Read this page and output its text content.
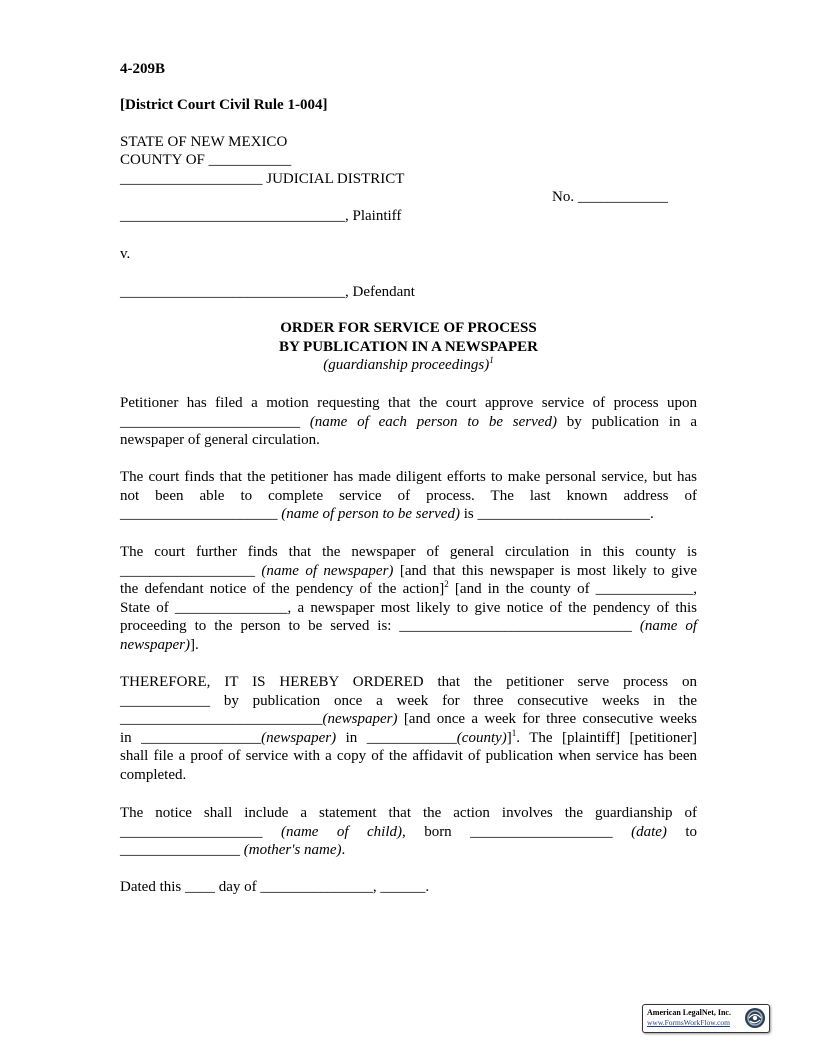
4-209B
[District Court Civil Rule 1-004]
STATE OF NEW MEXICO
COUNTY OF ___________
___________________ JUDICIAL DISTRICT
No. ____________
______________________________, Plaintiff
v.
______________________________, Defendant
ORDER FOR SERVICE OF PROCESS
BY PUBLICATION IN A NEWSPAPER
(guardianship proceedings)$^1$
Petitioner has filed a motion requesting that the court approve service of process upon
________________________ (name of each person to be served) by publication in a
newspaper of general circulation.
The court finds that the petitioner has made diligent efforts to make personal service, but has
not been able to complete service of process. The last known address of
_____________________ (name of person to be served) is _______________________.
The court further finds that the newspaper of general circulation in this county is
__________________ (name of newspaper) [and that this newspaper is most likely to give
the defendant notice of the pendency of the action]$^2$ [and in the county of _____________,
State of _______________, a newspaper most likely to give notice of the pendency of this
proceeding to the person to be served is: _______________________________ (name of
newspaper)].
THEREFORE, IT IS HEREBY ORDERED that the petitioner serve process on
____________ by publication once a week for three consecutive weeks in the
___________________________(newspaper) [and once a week for three consecutive weeks
in ________________(newspaper) in ____________(county)]$^1$. The [plaintiff] [petitioner]
shall file a proof of service with a copy of the affidavit of publication when service has been
completed.
The notice shall include a statement that the action involves the guardianship of
___________________ (name of child), born ___________________ (date) to
________________ (mother's name).
Dated this ____ day of _______________, ______.
American LegalNet, Inc.
www.FormsWorkFlow.com
